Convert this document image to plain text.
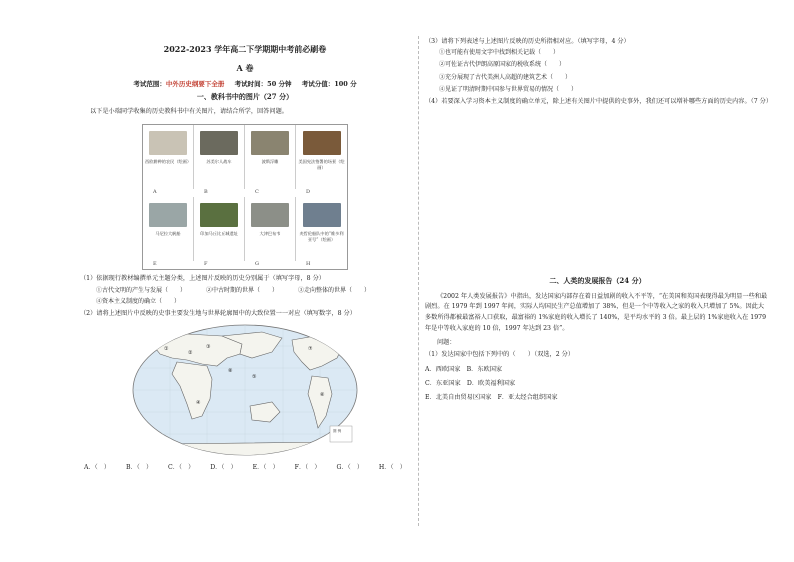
2022-2023 学年高二下学期期中考前必刷卷
A 卷
考试范围：中外历史纲要下全册 考试时间：50 分钟 考试分值：100 分
一、教科书中的图片（27 分）
以下是小瑞同学收集的历史教科书中有关图片，请结合所学，回答问题。
西欧耕种的农民（绘画）	苏美尔人战车	波斯浮雕	美国宪法签署的场景（绘画）
A	B	C	D
马尼拉大帆船	印加马丘比丘城遗址	大津巴布韦	麦哲伦船队中的“维多利亚号”（绘画）
E	F	G	H
（1）依据现行教材编撰单元主题分类，上述图片反映的历史分别属于（填写字母，8 分）
①古代文明的产生与发展（　　）	②中古时期的世界（　　）	③走向整体的世界（　　）
④资本主义制度的确立（　　）
（2）请将上述图片中反映的史事主要发生地与世界轮廓图中的大致位置一一对应（填写数字，8 分）
①
②
③
④
⑤
⑥
⑦
⑧
图 例
A．（　）	B．（　）	C．（　）	D．（　）	E．（　）	F．（　）	G．（　）	H．（　）
（3）请将下列表述与上述图片反映的历史所指相对应。（填写字母，4 分）
①也可能有使用文字中找到相关记载（　　）
②可佐证古代伊朗高原国家的税收系统（　　）
③充分展现了古代美洲人高超的建筑艺术（　　）
④见证了明清时期中国参与世界贸易的情况（　　）
（4）若要深入学习资本主义制度的确立单元，除上述有关图片中提供的史事外，我们还可以増补哪些方面的历史内容。（7 分）
二、人类的发展报告（24 分）
《2002 年人类发展报告》中指出，发达国家内部存在着日益加剧的收入不平等，“在美国和英国表现得最为明显一些和最剧烈。在 1979 年到 1997 年间，实际人均国民生产总值增加了 38%，但是一个中等收入之家的收入只增加了 5%。因此大多数所得都被最富裕人口获取，最富裕的 1%家庭的收入增长了 140%，是平均水平的 3 倍。最上层的 1%家庭收入在 1979 年是中等收入家庭的 10 倍，1997 年达到 23 倍”。
问题：
（1）发达国家中包括下列中的（　　）（双选，2 分）
A．西欧国家　B．东欧国家
C．东亚国家　D．欧美福利国家
E．北美自由贸易区国家　F．亚太经合组织国家
